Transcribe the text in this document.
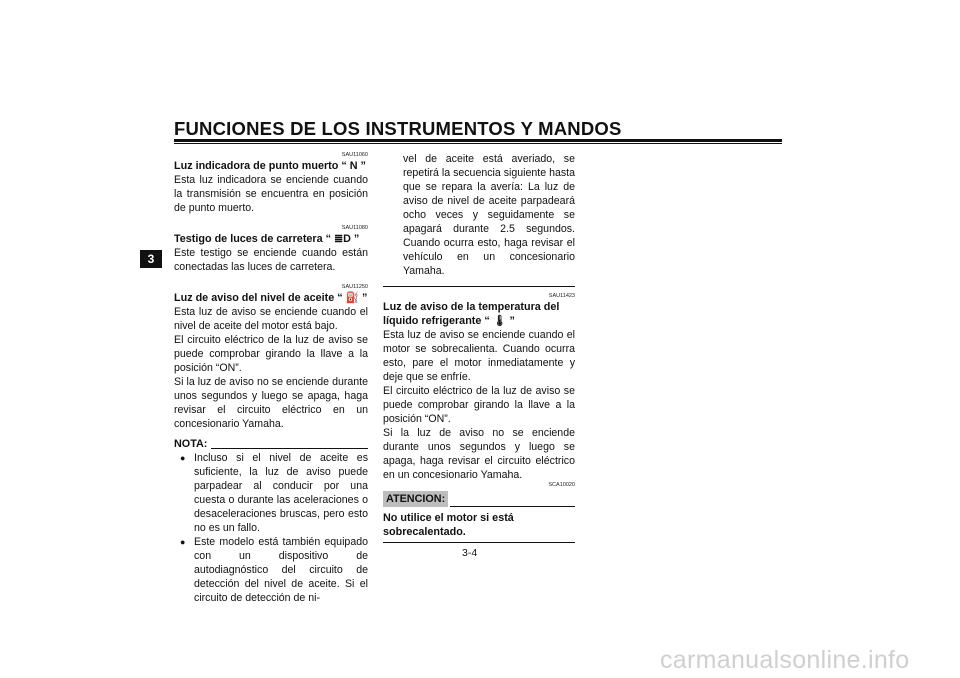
FUNCIONES DE LOS INSTRUMENTOS Y MANDOS
3
SAU11060
Luz indicadora de punto muerto “ N ”

Esta luz indicadora se enciende cuando la transmisión se encuentra en posición de punto muerto.

SAU11080
Testigo de luces de carretera “ ≣D ”

Este testigo se enciende cuando están conectadas las luces de carretera.

SAU11250
Luz de aviso del nivel de aceite “ ⛽ ”

Esta luz de aviso se enciende cuando el nivel de aceite del motor está bajo.

El circuito eléctrico de la luz de aviso se puede comprobar girando la llave a la posición “ON”.

Si la luz de aviso no se enciende durante unos segundos y luego se apaga, haga revisar el circuito eléctrico en un concesionario Yamaha.

NOTA:
● Incluso si el nivel de aceite es suficiente, la luz de aviso puede parpadear al conducir por una cuesta o durante las aceleraciones o desaceleraciones bruscas, pero esto no es un fallo.
● Este modelo está también equipado con un dispositivo de autodiagnóstico del circuito de detección del nivel de aceite. Si el circuito de detección de ni-

vel de aceite está averiado, se repetirá la secuencia siguiente hasta que se repara la avería: La luz de aviso de nivel de aceite parpadeará ocho veces y seguidamente se apagará durante 2.5 segundos. Cuando ocurra esto, haga revisar el vehículo en un concesionario Yamaha.

SAU11423
Luz de aviso de la temperatura del líquido refrigerante “ 🌡 ”

Esta luz de aviso se enciende cuando el motor se sobrecalienta. Cuando ocurra esto, pare el motor inmediatamente y deje que se enfríe.

El circuito eléctrico de la luz de aviso se puede comprobar girando la llave a la posición “ON”.

Si la luz de aviso no se enciende durante unos segundos y luego se apaga, haga revisar el circuito eléctrico en un concesionario Yamaha.

SCA10020
ATENCION:
No utilice el motor si está sobrecalentado.
3-4
carmanualsonline.info
